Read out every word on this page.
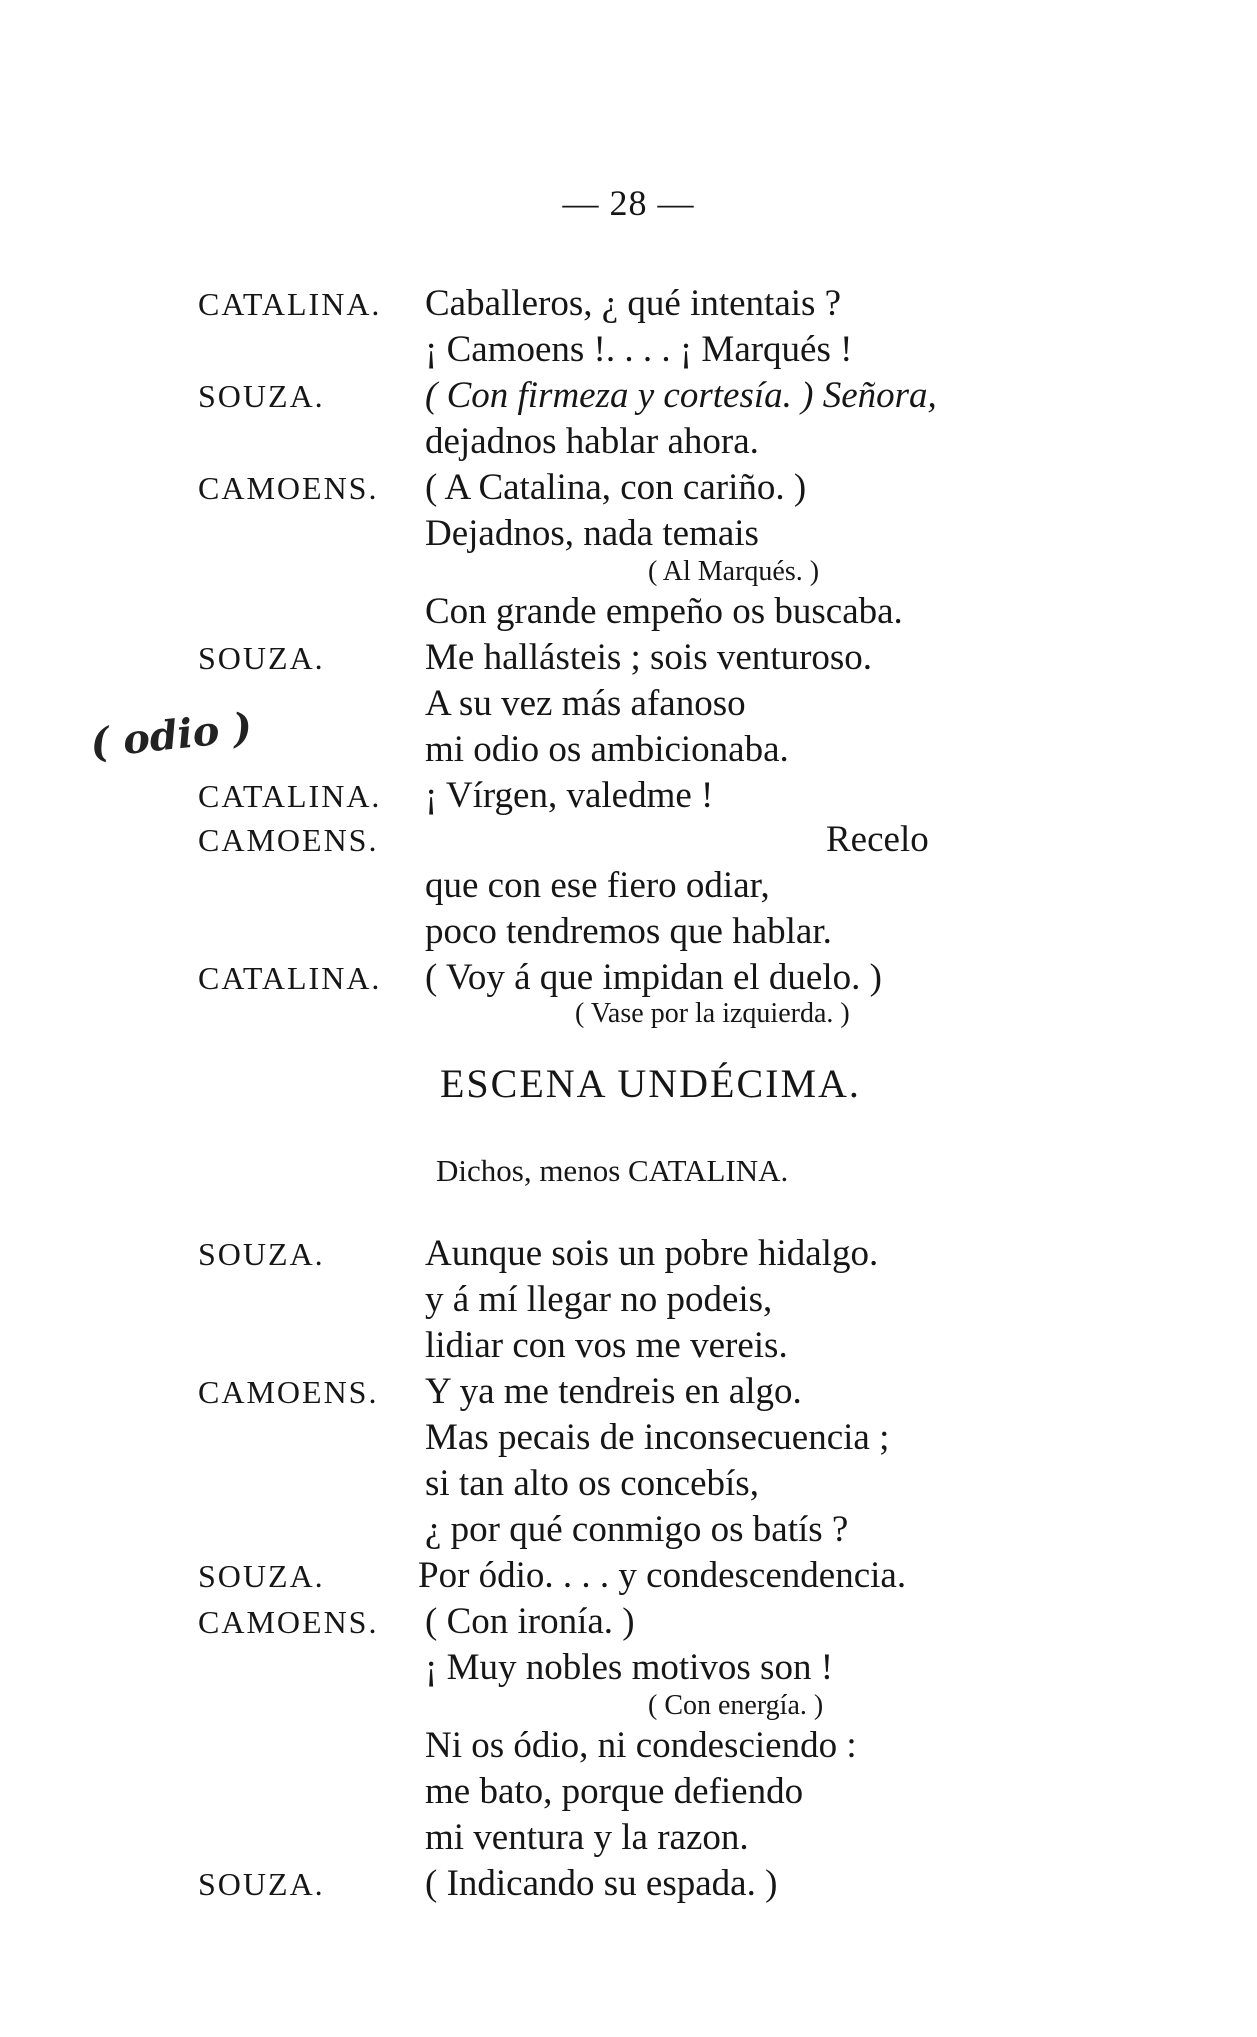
— 28 —
( odio )
CATALINA. Caballeros, ¿ qué intentais ?
¡ Camoens !. . . . ¡ Marqués !
SOUZA.	( Con firmeza y cortesía. ) Señora,
dejadnos hablar ahora.
CAMOENS. ( A Catalina, con cariño. )
Dejadnos, nada temais
( Al Marqués. )
Con grande empeño os buscaba.
SOUZA.	Me hallásteis ; sois venturoso.
A su vez más afanoso
mi odio os ambicionaba.
CATALINA. ¡ Vírgen, valedme !
CAMOENS.	Recelo
que con ese fiero odiar,
poco tendremos que hablar.
CATALINA. ( Voy á que impidan el duelo. )
( Vase por la izquierda. )
ESCENA UNDÉCIMA.
Dichos, menos CATALINA.
SOUZA.	Aunque sois un pobre hidalgo.
y á mí llegar no podeis,
lidiar con vos me vereis.
CAMOENS. Y ya me tendreis en algo.
Mas pecais de inconsecuencia ;
si tan alto os concebís,
¿ por qué conmigo os batís ?
SOUZA.	Por ódio. . . . y condescendencia.
CAMOENS. ( Con ironía. )
¡ Muy nobles motivos son !
( Con energía. )
Ni os ódio, ni condesciendo :
me bato, porque defiendo
mi ventura y la razon.
SOUZA.	( Indicando su espada. )
